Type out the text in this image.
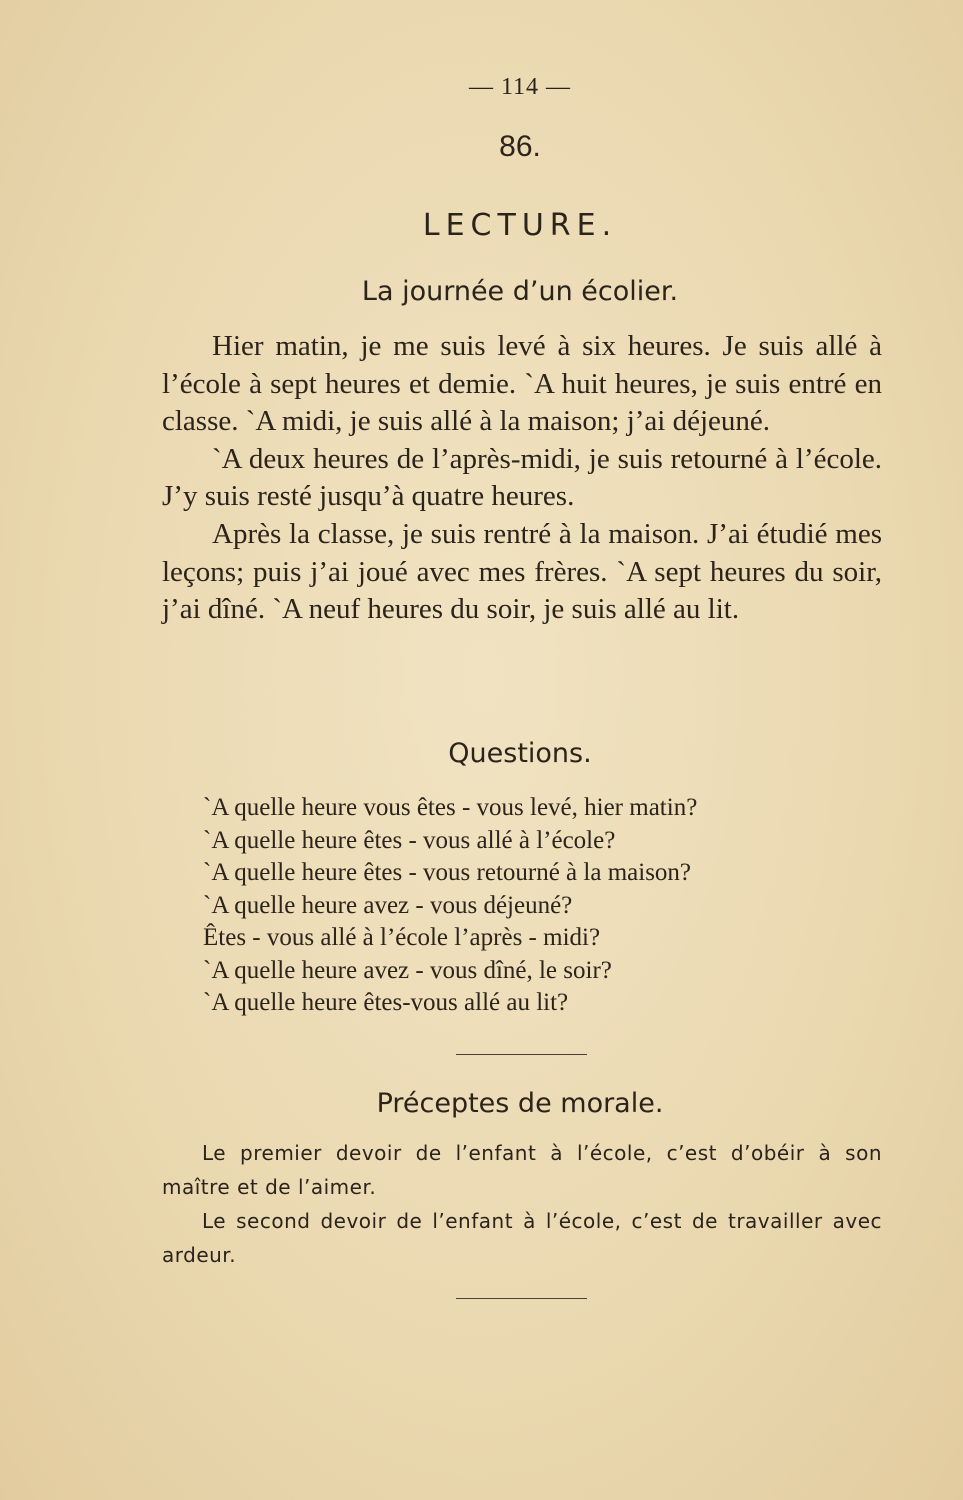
— 114 —
86.
LECTURE.
La journée d’un écolier.

Hier matin, je me suis levé à six heures. Je suis allé à l’école à sept heures et demie. `A huit heures, je suis entré en classe. `A midi, je suis allé à la maison; j’ai déjeuné.

`A deux heures de l’après-midi, je suis retourné à l’école. J’y suis resté jusqu’à quatre heures.

Après la classe, je suis rentré à la maison. J’ai étudié mes leçons; puis j’ai joué avec mes frères. `A sept heures du soir, j’ai dîné. `A neuf heures du soir, je suis allé au lit.

Questions.
`A quelle heure vous êtes - vous levé, hier matin?
`A quelle heure êtes - vous allé à l’école?
`A quelle heure êtes - vous retourné à la maison?
`A quelle heure avez - vous déjeuné?
Êtes - vous allé à l’école l’après - midi?
`A quelle heure avez - vous dîné, le soir?
`A quelle heure êtes-vous allé au lit?
Préceptes de morale.

Le premier devoir de l’enfant à l’école, c’est d’obéir à son maître et de l’aimer.

Le second devoir de l’enfant à l’école, c’est de travailler avec ardeur.
